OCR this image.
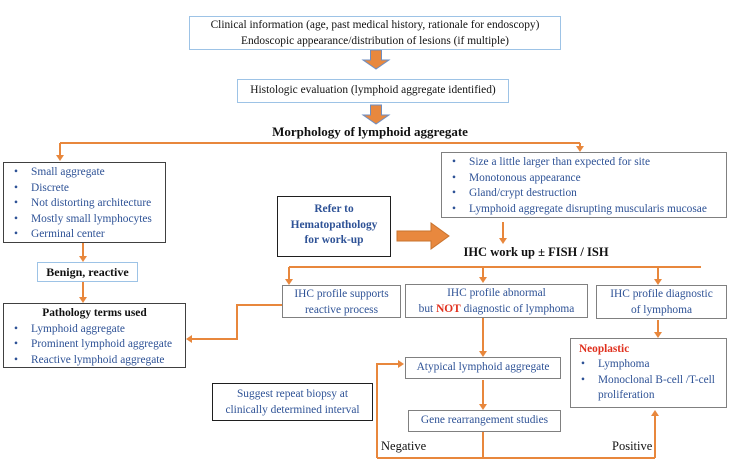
Clinical information (age, past medical history, rationale for endoscopy)
Endoscopic appearance/distribution of lesions (if multiple)
Histologic evaluation (lymphoid aggregate identified)
Morphology of lymphoid aggregate
• Small aggregate
• Discrete
• Not distorting architecture
• Mostly small lymphocytes
• Germinal center
Benign, reactive
Pathology terms used
• Lymphoid aggregate
• Prominent lymphoid aggregate
• Reactive lymphoid aggregate
• Size a little larger than expected for site
• Monotonous appearance
• Gland/crypt destruction
• Lymphoid aggregate disrupting muscularis mucosae
Refer to
Hematopathology
for work-up
IHC work up ± FISH / ISH
IHC profile supports
reactive process
IHC profile abnormal
but NOT diagnostic of lymphoma
IHC profile diagnostic
of lymphoma
Atypical lymphoid aggregate
Suggest repeat biopsy at
clinically determined interval
Gene rearrangement studies
Neoplastic
• Lymphoma
• Monoclonal B-cell /T-cell proliferation
Negative	Positive
